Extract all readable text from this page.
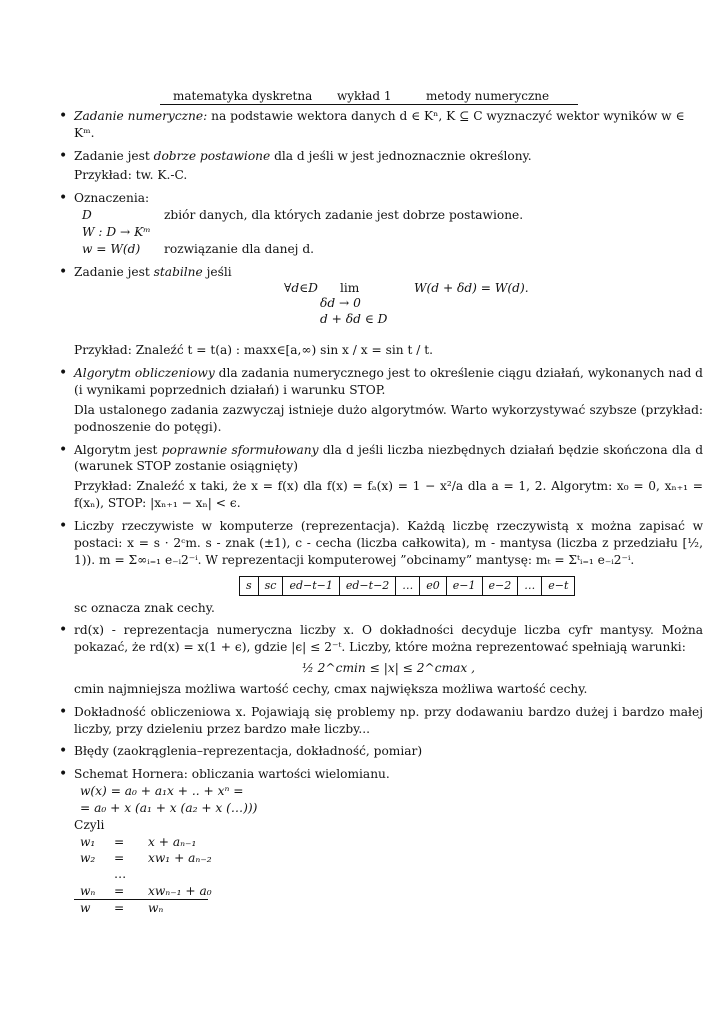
matematyka dyskretna wykład 1	metody numeryczne

• Zadanie numeryczne: na podstawie wektora danych d ∈ Kⁿ, K ⊆ C wyznaczyć wektor wyników w ∈ Kᵐ.

• Zadanie jest dobrze postawione dla d jeśli w jest jednoznacznie określony.

Przykład: tw. K.-C.

• Oznaczenia:

D	zbiór danych, dla których zadanie jest dobrze postawione.
W : D → Kᵐ
w = W(d)	rozwiązanie dla danej d.

• Zadanie jest stabilne jeśli

∀d∈D lim	W(d + δd) = W(d).
δd → 0
d + δd ∈ D

Przykład: Znaleźć t = t(a) : maxx∈[a,∞) sin x / x = sin t / t.

• Algorytm obliczeniowy dla zadania numerycznego jest to określenie ciągu działań, wykonanych nad d (i wynikami poprzednich działań) i warunku STOP.

Dla ustalonego zadania zazwyczaj istnieje dużo algorytmów. Warto wykorzystywać szybsze (przykład: podnoszenie do potęgi).

• Algorytm jest poprawnie sformułowany dla d jeśli liczba niezbędnych działań będzie skończona dla d (warunek STOP zostanie osiągnięty)

Przykład: Znaleźć x taki, że x = f(x) dla f(x) = fₐ(x) = 1 − x²/a dla a = 1, 2. Algorytm: x₀ = 0, xₙ₊₁ = f(xₙ), STOP: |xₙ₊₁ − xₙ| < ϵ.

• Liczby rzeczywiste w komputerze (reprezentacja). Każdą liczbę rzeczywistą x można zapisać w postaci: x = s · 2ᶜm. s - znak (±1), c - cecha (liczba całkowita), m - mantysa (liczba z przedziału [½, 1)). m = Σ∞ᵢ₌₁ e₋ᵢ2⁻ⁱ. W reprezentacji komputerowej ”obcinamy” mantysę: mₜ = Σᵗᵢ₌₁ e₋ᵢ2⁻ⁱ.

s	sc	ed−t−1	ed−t−2	…	e0	e−1	e−2	…	e−t

sc oznacza znak cechy.

• rd(x) - reprezentacja numeryczna liczby x. O dokładności decyduje liczba cyfr mantysy. Można pokazać, że rd(x) = x(1 + ϵ), gdzie |ϵ| ≤ 2⁻ᵗ. Liczby, które można reprezentować spełniają warunki:

½ 2^cmin ≤ |x| ≤ 2^cmax ,

cmin najmniejsza możliwa wartość cechy, cmax największa możliwa wartość cechy.

• Dokładność obliczeniowa x. Pojawiają się problemy np. przy dodawaniu bardzo dużej i bardzo małej liczby, przy dzieleniu przez bardzo małe liczby...

• Błędy (zaokrąglenia–reprezentacja, dokładność, pomiar)

• Schemat Hornera: obliczania wartości wielomianu.

w(x) = a₀ + a₁x + .. + xⁿ =

= a₀ + x (a₁ + x (a₂ + x (…)))

Czyli

w₁	=	x + aₙ₋₁
w₂	=	xw₁ + aₙ₋₂
…
wₙ	=	xwₙ₋₁ + a₀
w	=	wₙ
